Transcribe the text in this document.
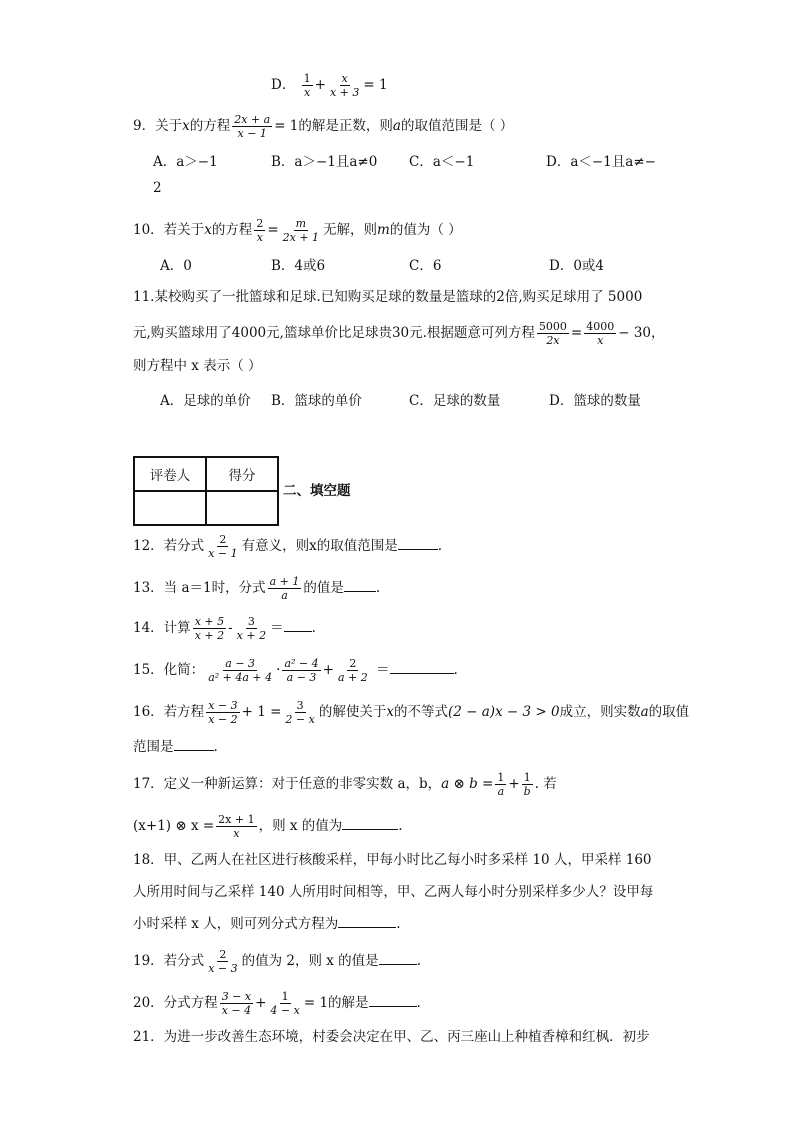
D． $\frac{1}{x} + \frac{x}{x + 3} = 1$
9．关于x的方程 $\frac{2x + a}{x - 1} = 1$的解是正数，则a的取值范围是（ ）
A．a＞−1	B．a＞−1且a≠0 C．a＜−1	D．a＜−1且a≠−
2
10．若关于x的方程 $\frac{2}{x} = \frac{m}{2x + 1}$ 无解，则m的值为（ ）
A．0	B．4或6	C．6	D．0或4
11.某校购买了一批篮球和足球.已知购买足球的数量是篮球的2倍,购买足球用了 5000
元,购买篮球用了4000元,篮球单价比足球贵30元.根据题意可列方程 $\frac{5000}{2x} = \frac{4000}{x} - 30$，
则方程中 x 表示（ ）
A．足球的单价 B．篮球的单价	C．足球的数量	D．篮球的数量
评卷人	得分

二、填空题
12．若分式 $\frac{2}{x - 1}$ 有意义，则x的取值范围是	.
13．当 a＝1时，分式 $\frac{a + 1}{a}$ 的值是 .
14．计算 $\frac{x + 5}{x + 2} - \frac{3}{x + 2}$ ＝ .
15．化简： $\frac{a - 3}{\text{a² + 4a + 4}} \cdot \frac{\text{a² − 4}}{a - 3} + \frac{2}{a + 2}$ ＝	.
16．若方程 $\frac{x - 3}{x - 2} + 1 = \frac{3}{2 - x}$ 的解使关于x的不等式(2 − a)x − 3 > 0成立，则实数a的取值
范围是	.
17．定义一种新运算：对于任意的非零实数 a，b，a ⊗ $b = \frac{1}{a} + \frac{1}{b}$ . 若
(x+1) ⊗ $x = \frac{2x + 1}{x}$ ，则 x 的值为	.
18．甲、乙两人在社区进行核酸采样，甲每小时比乙每小时多采样 10 人，甲采样 160
人所用时间与乙采样 140 人所用时间相等，甲、乙两人每小时分别采样多少人？设甲每
小时采样 x 人，则可列分式方程为	.
19．若分式 $\frac{2}{x - 3}$ 的值为 2，则 x 的值是	.
20．分式方程 $\frac{3 - x}{x - 4} + \frac{1}{4 - x} = 1$的解是	.
21．为进一步改善生态环境，村委会决定在甲、乙、丙三座山上种植香樟和红枫．初步
